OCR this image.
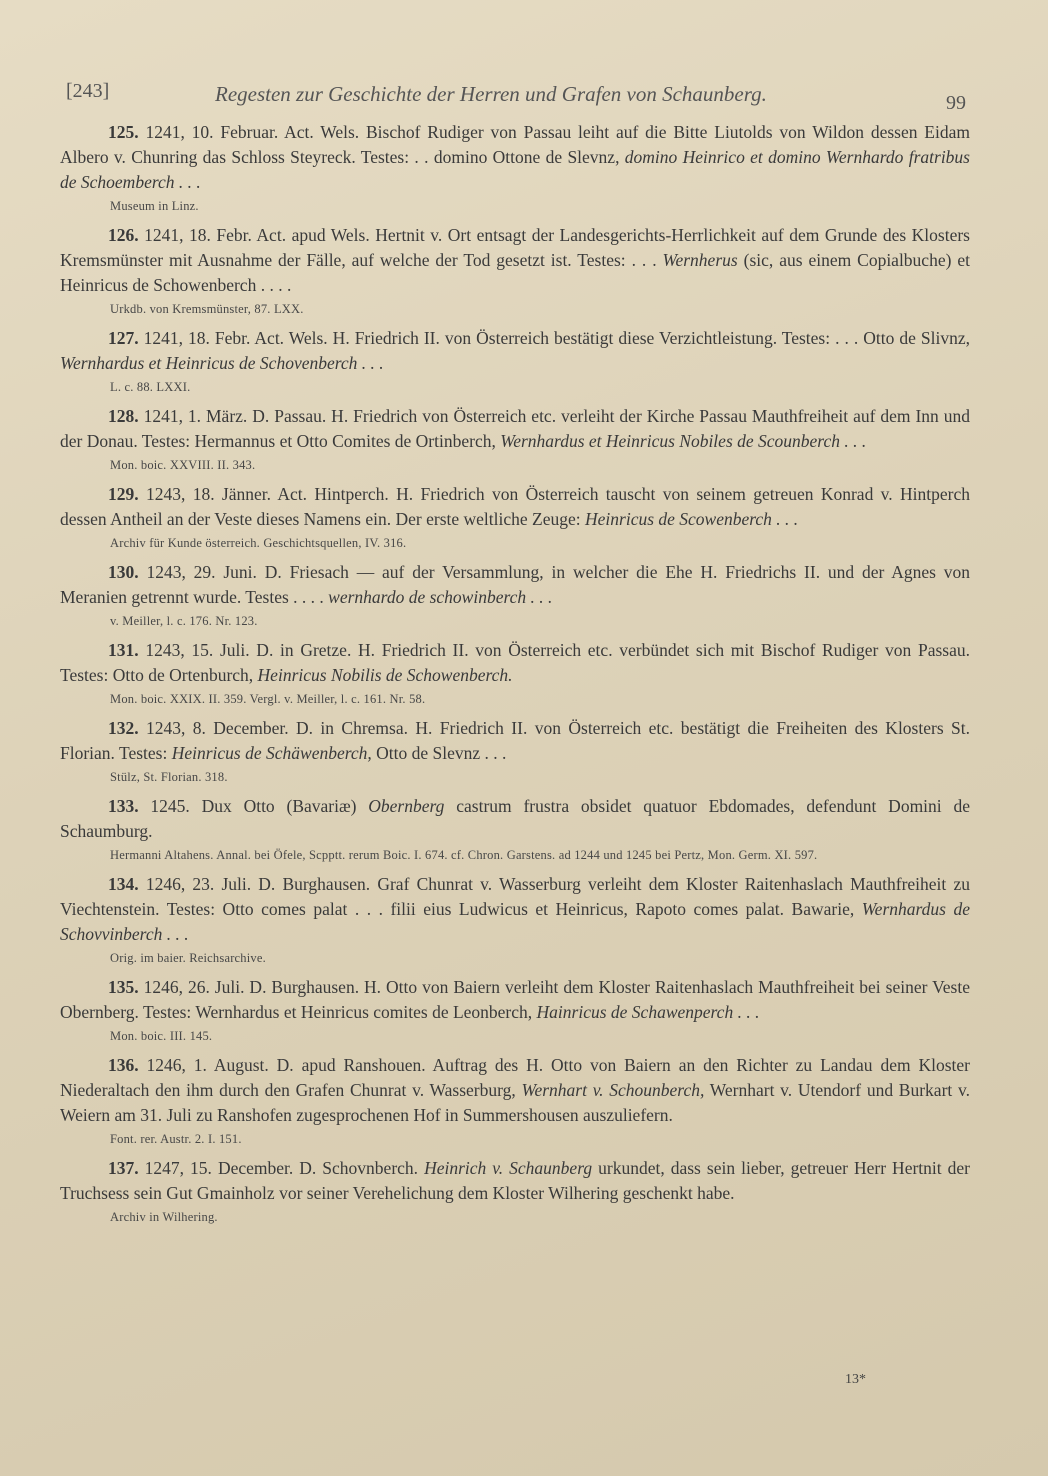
[243]	Regesten zur Geschichte der Herren und Grafen von Schaunberg.	99

125. 1241, 10. Februar. Act. Wels. Bischof Rudiger von Passau leiht auf die Bitte Liutolds von Wildon dessen Eidam Albero v. Chunring das Schloss Steyreck. Testes: . . domino Ottone de Slevnz, domino Heinrico et domino Wernhardo fratribus de Schoemberch . . .

Museum in Linz.

126. 1241, 18. Febr. Act. apud Wels. Hertnit v. Ort entsagt der Landesgerichts-Herrlichkeit auf dem Grunde des Klosters Kremsmünster mit Ausnahme der Fälle, auf welche der Tod gesetzt ist. Testes: . . . Wernherus (sic, aus einem Copialbuche) et Heinricus de Schowenberch . . . .

Urkdb. von Kremsmünster, 87. LXX.

127. 1241, 18. Febr. Act. Wels. H. Friedrich II. von Österreich bestätigt diese Verzichtleistung. Testes: . . . Otto de Slivnz, Wernhardus et Heinricus de Schovenberch . . .

L. c. 88. LXXI.

128. 1241, 1. März. D. Passau. H. Friedrich von Österreich etc. verleiht der Kirche Passau Mauthfreiheit auf dem Inn und der Donau. Testes: Hermannus et Otto Comites de Ortinberch, Wernhardus et Heinricus Nobiles de Scounberch . . .

Mon. boic. XXVIII. II. 343.

129. 1243, 18. Jänner. Act. Hintperch. H. Friedrich von Österreich tauscht von seinem getreuen Konrad v. Hintperch dessen Antheil an der Veste dieses Namens ein. Der erste weltliche Zeuge: Heinricus de Scowenberch . . .

Archiv für Kunde österreich. Geschichtsquellen, IV. 316.

130. 1243, 29. Juni. D. Friesach — auf der Versammlung, in welcher die Ehe H. Friedrichs II. und der Agnes von Meranien getrennt wurde. Testes . . . . wernhardo de schowinberch . . .

v. Meiller, l. c. 176. Nr. 123.

131. 1243, 15. Juli. D. in Gretze. H. Friedrich II. von Österreich etc. verbündet sich mit Bischof Rudiger von Passau. Testes: Otto de Ortenburch, Heinricus Nobilis de Schowenberch.

Mon. boic. XXIX. II. 359. Vergl. v. Meiller, l. c. 161. Nr. 58.

132. 1243, 8. December. D. in Chremsa. H. Friedrich II. von Österreich etc. bestätigt die Freiheiten des Klosters St. Florian. Testes: Heinricus de Schäwenberch, Otto de Slevnz . . .

Stülz, St. Florian. 318.

133. 1245. Dux Otto (Bavariæ) Obernberg castrum frustra obsidet quatuor Ebdomades, defendunt Domini de Schaumburg.

Hermanni Altahens. Annal. bei Öfele, Scpptt. rerum Boic. I. 674. cf. Chron. Garstens. ad 1244 und 1245 bei Pertz, Mon. Germ. XI. 597.

134. 1246, 23. Juli. D. Burghausen. Graf Chunrat v. Wasserburg verleiht dem Kloster Raitenhaslach Mauthfreiheit zu Viechtenstein. Testes: Otto comes palat . . . filii eius Ludwicus et Heinricus, Rapoto comes palat. Bawarie, Wernhardus de Schovvinberch . . .

Orig. im baier. Reichsarchive.

135. 1246, 26. Juli. D. Burghausen. H. Otto von Baiern verleiht dem Kloster Raitenhaslach Mauthfreiheit bei seiner Veste Obernberg. Testes: Wernhardus et Heinricus comites de Leonberch, Hainricus de Schawenperch . . .

Mon. boic. III. 145.

136. 1246, 1. August. D. apud Ranshouen. Auftrag des H. Otto von Baiern an den Richter zu Landau dem Kloster Niederaltach den ihm durch den Grafen Chunrat v. Wasserburg, Wernhart v. Schounberch, Wernhart v. Utendorf und Burkart v. Weiern am 31. Juli zu Ranshofen zugesprochenen Hof in Summershousen auszuliefern.

Font. rer. Austr. 2. I. 151.

137. 1247, 15. December. D. Schovnberch. Heinrich v. Schaunberg urkundet, dass sein lieber, getreuer Herr Hertnit der Truchsess sein Gut Gmainholz vor seiner Verehelichung dem Kloster Wilhering geschenkt habe.

Archiv in Wilhering.
13*
